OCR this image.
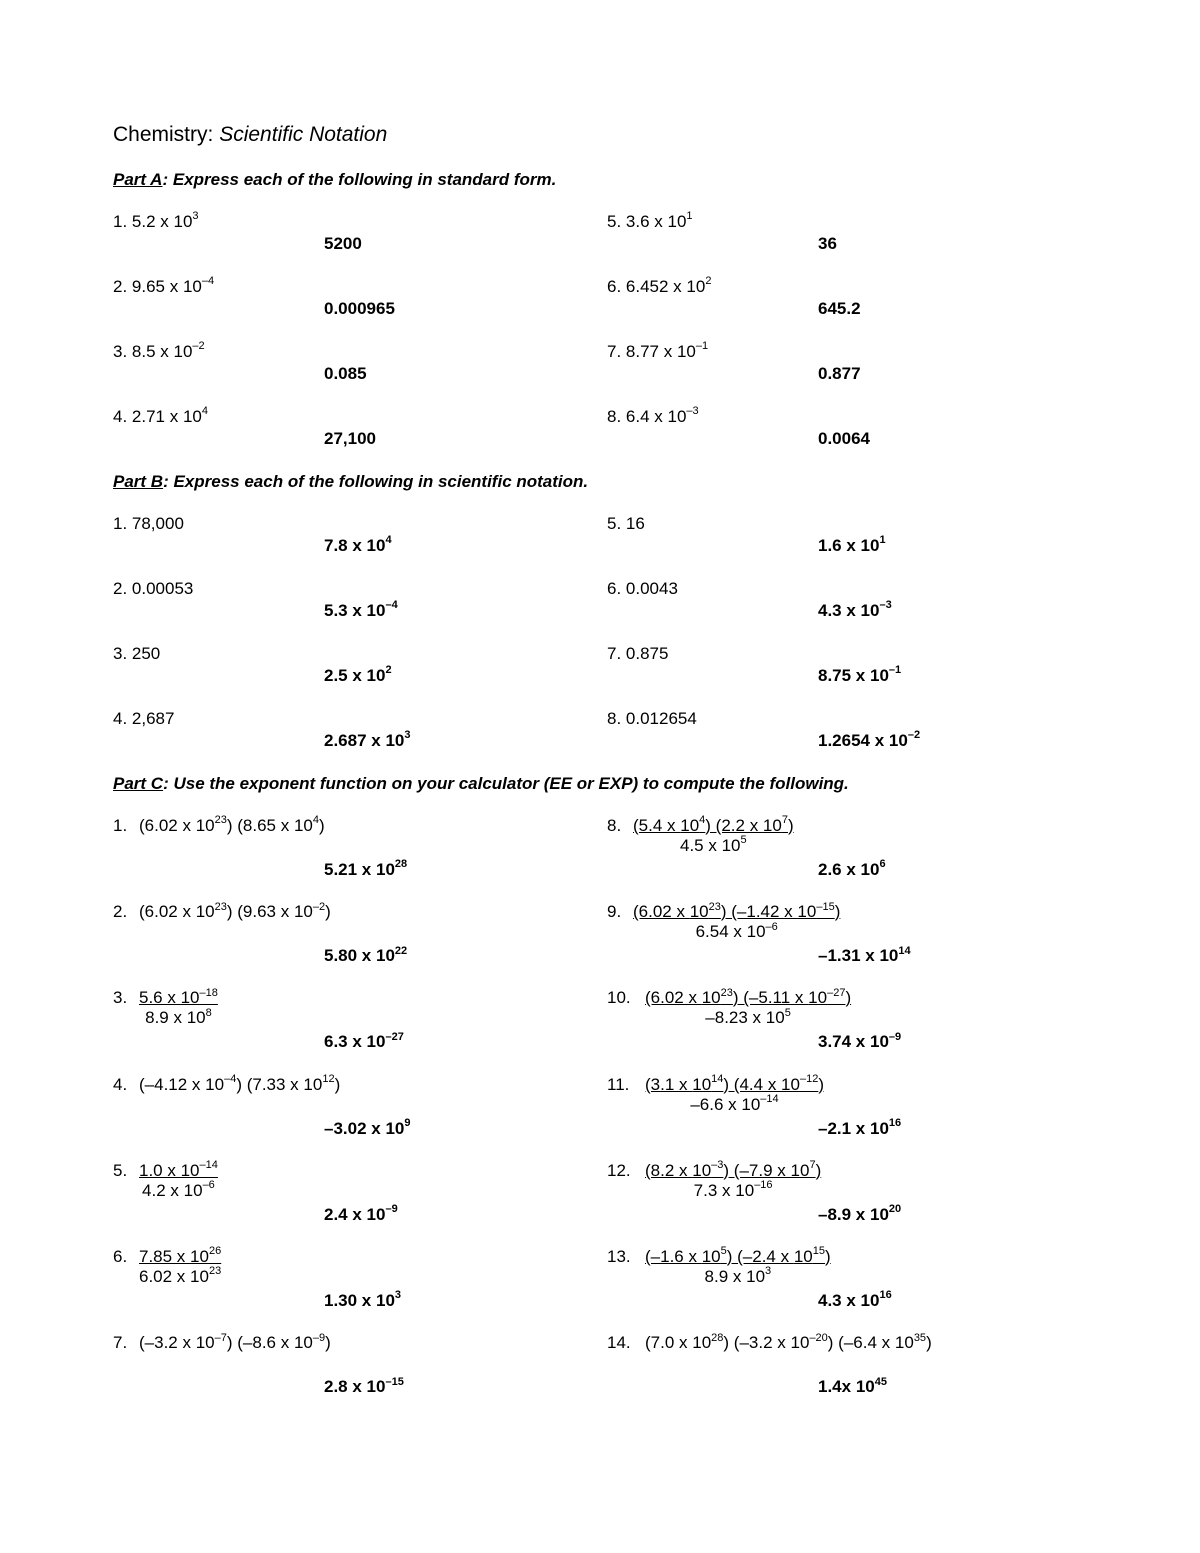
Chemistry: Scientific Notation
Part A: Express each of the following in standard form.
Part B: Express each of the following in scientific notation.
Part C: Use the exponent function on your calculator (EE or EXP) to compute the following.
1. 5.2 x $10^3$
5200
2. 9.65 x $10^{-4}$
0.000965
3. 8.5 x $10^{-2}$
0.085
4. 2.71 x $10^4$
27,100
5. 3.6 x $10^1$
36
6. 6.452 x $10^2$
645.2
7. 8.77 x $10^{-1}$
0.877
8. 6.4 x $10^{-3}$
0.0064
1. 78,000
7.8 x $10^4$
2. 0.00053
5.3 x $10^{-4}$
3. 250
2.5 x $10^2$
4. 2,687
2.687 x $10^3$
5. 16
1.6 x $10^1$
6. 0.0043
4.3 x $10^{-3}$
7. 0.875
8.75 x $10^{-1}$
8. 0.012654
1.2654 x $10^{-2}$
1. (6.02 x $10^{23}$) (8.65 x $10^4$)
5.21 x $10^{28}$
2. (6.02 x $10^{23}$) (9.63 x $10^{-2}$)
5.80 x $10^{22}$
3. $\frac{5.6 x 10^{-18}}{8.9 x 10^8}$
6.3 x $10^{-27}$
4. (–4.12 x $10^{-4}$) (7.33 x $10^{12}$)
–3.02 x $10^9$
5. $\frac{1.0 x 10^{-14}}{4.2 x 10^{-6}}$
2.4 x $10^{-9}$
6. $\frac{7.85 x 10^{26}}{6.02 x 10^{23}}$
1.30 x $10^3$
7. (–3.2 x $10^{-7}$) (–8.6 x $10^{-9}$)
2.8 x $10^{-15}$
8. $\frac{(5.4 x 10^4) (2.2 x 10^7)}{4.5 x 10^5}$
2.6 x $10^6$
9. $\frac{(6.02 x 10^{23}) (-1.42 x 10^{-15})}{6.54 x 10^{-6}}$
–1.31 x $10^{14}$
10. $\frac{(6.02 x 10^{23}) (-5.11 x 10^{-27})}{-8.23 x 10^5}$
3.74 x $10^{-9}$
11. $\frac{(3.1 x 10^{14}) (4.4 x 10^{-12})}{-6.6 x 10^{-14}}$
–2.1 x $10^{16}$
12. $\frac{(8.2 x 10^{-3}) (-7.9 x 10^7)}{7.3 x 10^{-16}}$
–8.9 x $10^{20}$
13. $\frac{(-1.6 x 10^5) (-2.4 x 10^{15})}{8.9 x 10^3}$
4.3 x $10^{16}$
14. (7.0 x $10^{28}$) (–3.2 x $10^{-20}$) (–6.4 x $10^{35}$)
1.4x $10^{45}$
